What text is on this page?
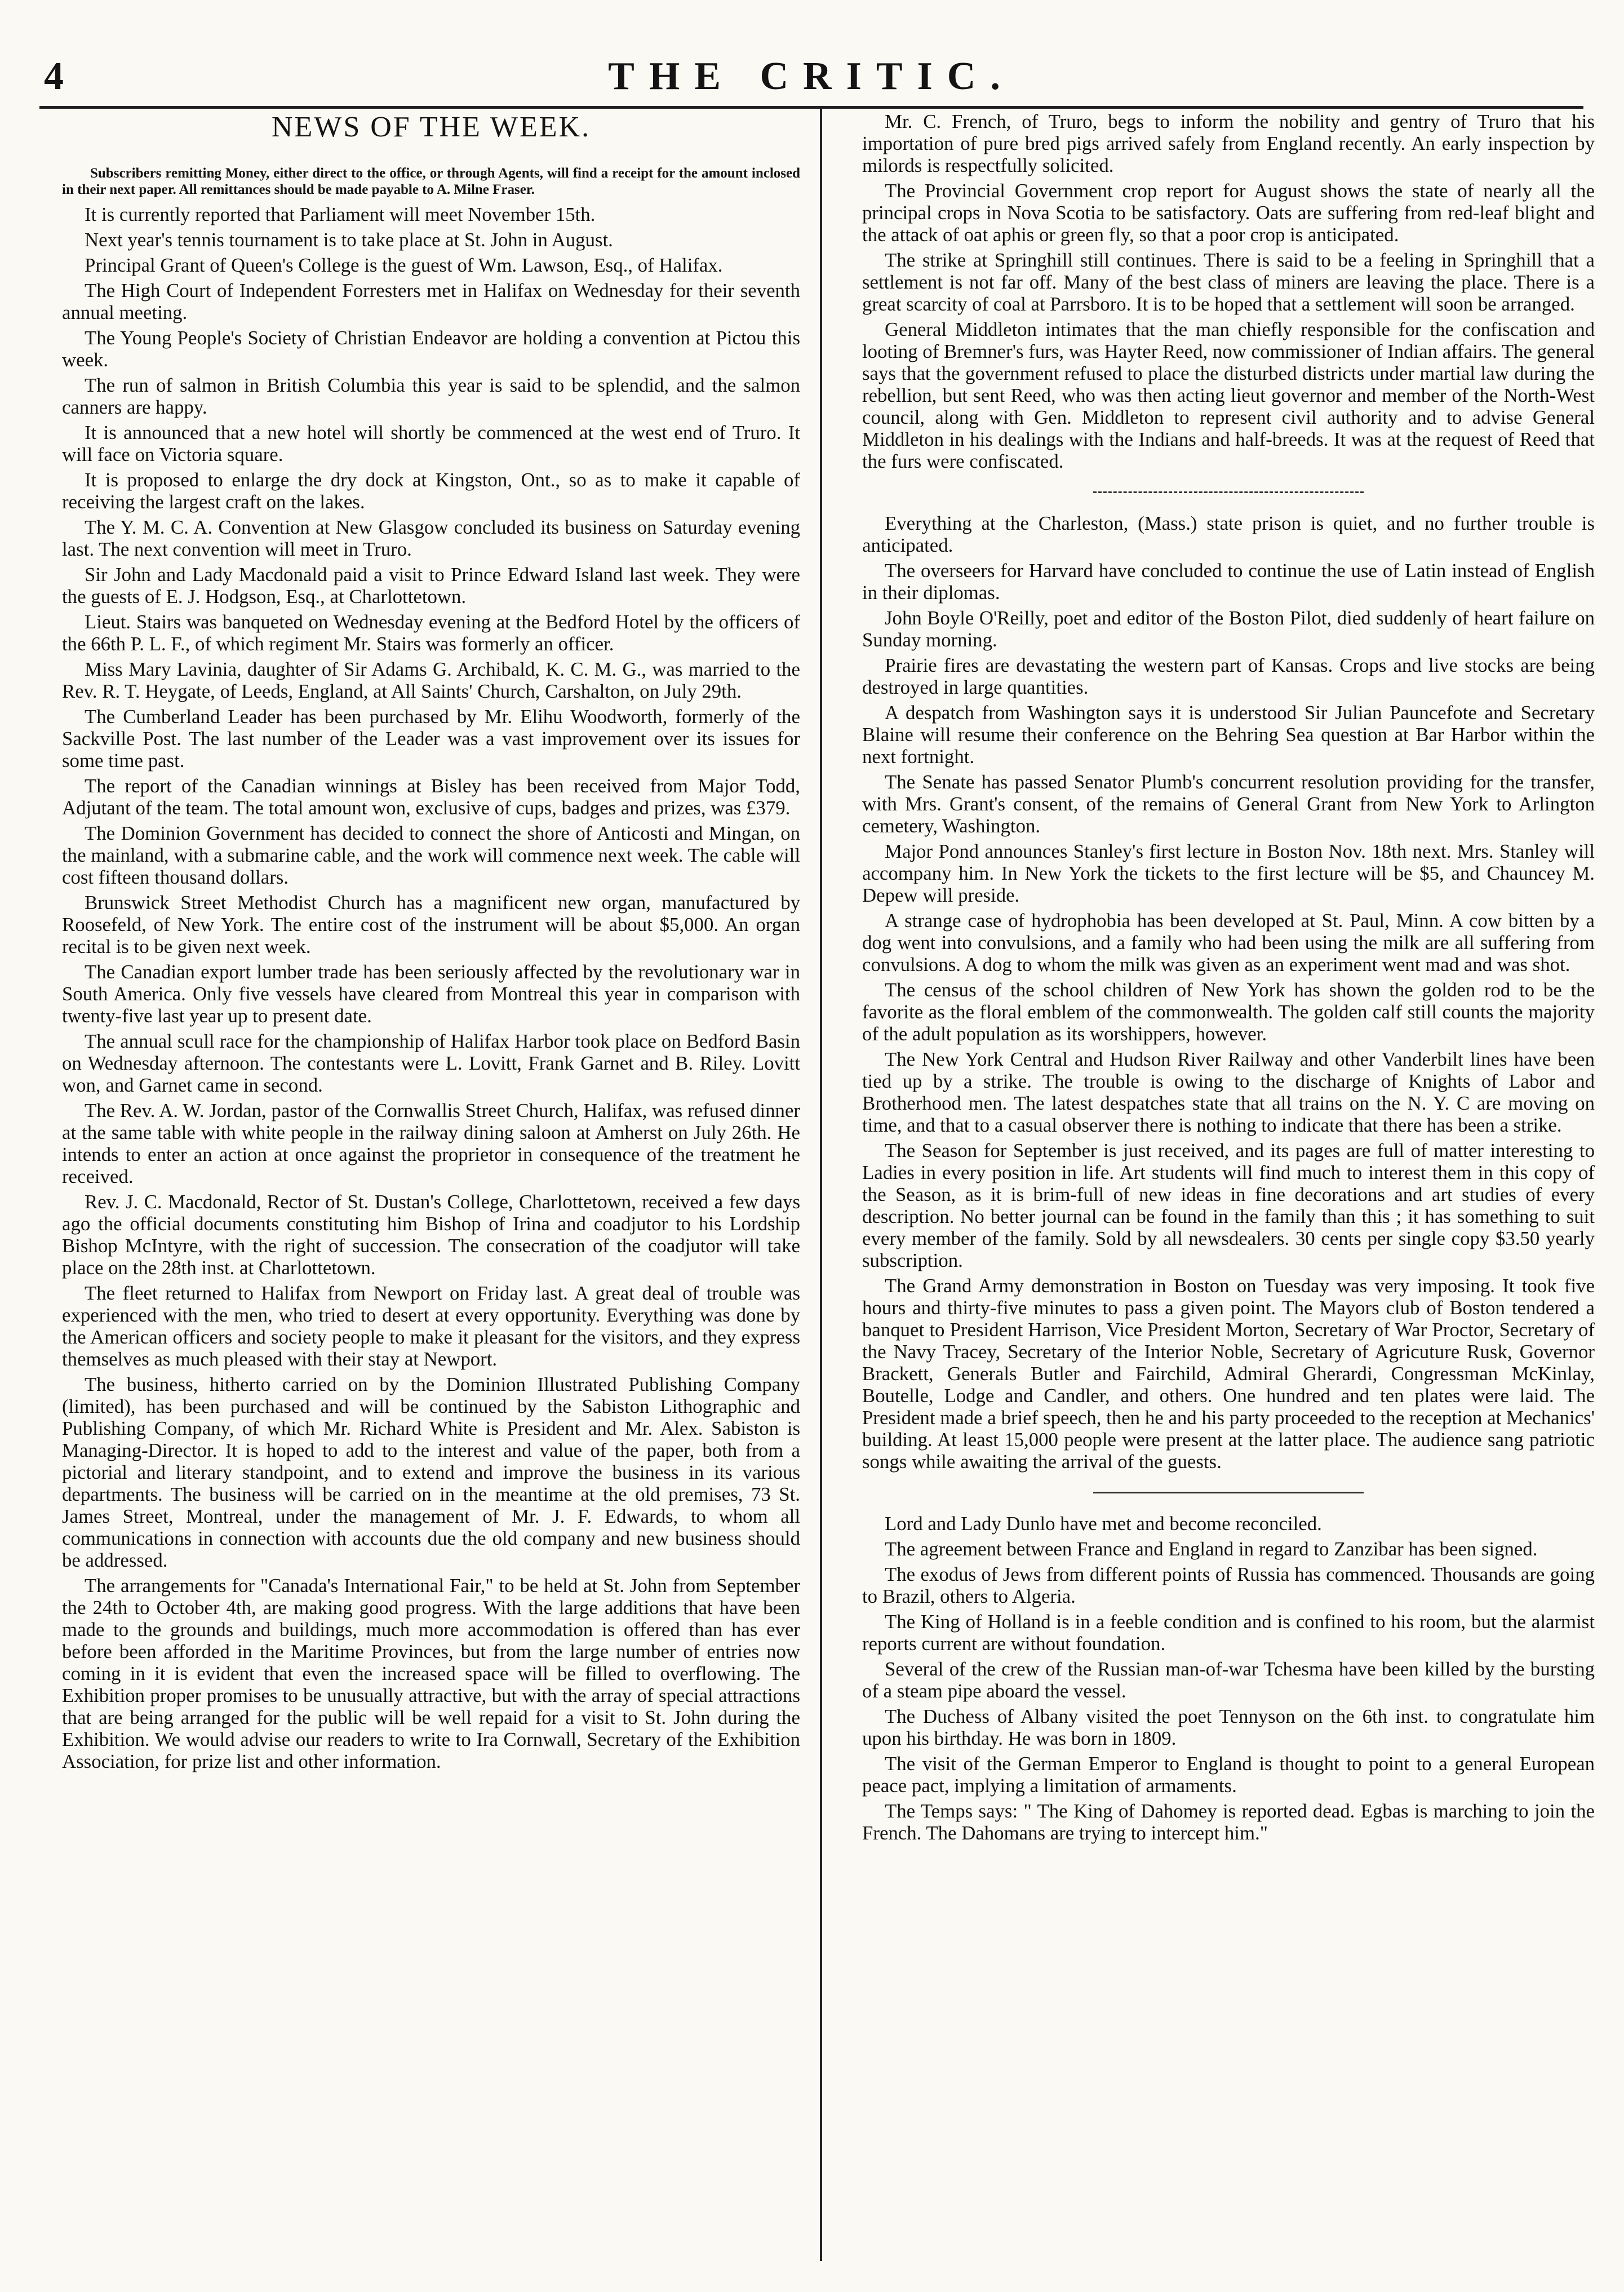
4	THE CRITIC.
NEWS OF THE WEEK.
Subscribers remitting Money, either direct to the office, or through Agents, will find a receipt for the amount inclosed in their next paper. All remittances should be made payable to A. Milne Fraser.

It is currently reported that Parliament will meet November 15th.

Next year's tennis tournament is to take place at St. John in August.

Principal Grant of Queen's College is the guest of Wm. Lawson, Esq., of Halifax.

The High Court of Independent Forresters met in Halifax on Wednesday for their seventh annual meeting.

The Young People's Society of Christian Endeavor are holding a convention at Pictou this week.

The run of salmon in British Columbia this year is said to be splendid, and the salmon canners are happy.

It is announced that a new hotel will shortly be commenced at the west end of Truro. It will face on Victoria square.

It is proposed to enlarge the dry dock at Kingston, Ont., so as to make it capable of receiving the largest craft on the lakes.

The Y. M. C. A. Convention at New Glasgow concluded its business on Saturday evening last. The next convention will meet in Truro.

Sir John and Lady Macdonald paid a visit to Prince Edward Island last week. They were the guests of E. J. Hodgson, Esq., at Charlottetown.

Lieut. Stairs was banqueted on Wednesday evening at the Bedford Hotel by the officers of the 66th P. L. F., of which regiment Mr. Stairs was formerly an officer.

Miss Mary Lavinia, daughter of Sir Adams G. Archibald, K. C. M. G., was married to the Rev. R. T. Heygate, of Leeds, England, at All Saints' Church, Carshalton, on July 29th.

The Cumberland Leader has been purchased by Mr. Elihu Woodworth, formerly of the Sackville Post. The last number of the Leader was a vast improvement over its issues for some time past.

The report of the Canadian winnings at Bisley has been received from Major Todd, Adjutant of the team. The total amount won, exclusive of cups, badges and prizes, was £379.

The Dominion Government has decided to connect the shore of Anticosti and Mingan, on the mainland, with a submarine cable, and the work will commence next week. The cable will cost fifteen thousand dollars.

Brunswick Street Methodist Church has a magnificent new organ, manufactured by Roosefeld, of New York. The entire cost of the instrument will be about $5,000. An organ recital is to be given next week.

The Canadian export lumber trade has been seriously affected by the revolutionary war in South America. Only five vessels have cleared from Montreal this year in comparison with twenty-five last year up to present date.

The annual scull race for the championship of Halifax Harbor took place on Bedford Basin on Wednesday afternoon. The contestants were L. Lovitt, Frank Garnet and B. Riley. Lovitt won, and Garnet came in second.

The Rev. A. W. Jordan, pastor of the Cornwallis Street Church, Halifax, was refused dinner at the same table with white people in the railway dining saloon at Amherst on July 26th. He intends to enter an action at once against the proprietor in consequence of the treatment he received.

Rev. J. C. Macdonald, Rector of St. Dustan's College, Charlottetown, received a few days ago the official documents constituting him Bishop of Irina and coadjutor to his Lordship Bishop McIntyre, with the right of succession. The consecration of the coadjutor will take place on the 28th inst. at Charlottetown.

The fleet returned to Halifax from Newport on Friday last. A great deal of trouble was experienced with the men, who tried to desert at every opportunity. Everything was done by the American officers and society people to make it pleasant for the visitors, and they express themselves as much pleased with their stay at Newport.

The business, hitherto carried on by the Dominion Illustrated Publishing Company (limited), has been purchased and will be continued by the Sabiston Lithographic and Publishing Company, of which Mr. Richard White is President and Mr. Alex. Sabiston is Managing-Director. It is hoped to add to the interest and value of the paper, both from a pictorial and literary standpoint, and to extend and improve the business in its various departments. The business will be carried on in the meantime at the old premises, 73 St. James Street, Montreal, under the management of Mr. J. F. Edwards, to whom all communications in connection with accounts due the old company and new business should be addressed.

The arrangements for "Canada's International Fair," to be held at St. John from September the 24th to October 4th, are making good progress. With the large additions that have been made to the grounds and buildings, much more accommodation is offered than has ever before been afforded in the Maritime Provinces, but from the large number of entries now coming in it is evident that even the increased space will be filled to overflowing. The Exhibition proper promises to be unusually attractive, but with the array of special attractions that are being arranged for the public will be well repaid for a visit to St. John during the Exhibition. We would advise our readers to write to Ira Cornwall, Secretary of the Exhibition Association, for prize list and other information.

Mr. C. French, of Truro, begs to inform the nobility and gentry of Truro that his importation of pure bred pigs arrived safely from England recently. An early inspection by milords is respectfully solicited.

The Provincial Government crop report for August shows the state of nearly all the principal crops in Nova Scotia to be satisfactory. Oats are suffering from red-leaf blight and the attack of oat aphis or green fly, so that a poor crop is anticipated.

The strike at Springhill still continues. There is said to be a feeling in Springhill that a settlement is not far off. Many of the best class of miners are leaving the place. There is a great scarcity of coal at Parrsboro. It is to be hoped that a settlement will soon be arranged.

General Middleton intimates that the man chiefly responsible for the confiscation and looting of Bremner's furs, was Hayter Reed, now commissioner of Indian affairs. The general says that the government refused to place the disturbed districts under martial law during the rebellion, but sent Reed, who was then acting lieut governor and member of the North-West council, along with Gen. Middleton to represent civil authority and to advise General Middleton in his dealings with the Indians and half-breeds. It was at the request of Reed that the furs were confiscated.

Everything at the Charleston, (Mass.) state prison is quiet, and no further trouble is anticipated.

The overseers for Harvard have concluded to continue the use of Latin instead of English in their diplomas.

John Boyle O'Reilly, poet and editor of the Boston Pilot, died suddenly of heart failure on Sunday morning.

Prairie fires are devastating the western part of Kansas. Crops and live stocks are being destroyed in large quantities.

A despatch from Washington says it is understood Sir Julian Pauncefote and Secretary Blaine will resume their conference on the Behring Sea question at Bar Harbor within the next fortnight.

The Senate has passed Senator Plumb's concurrent resolution providing for the transfer, with Mrs. Grant's consent, of the remains of General Grant from New York to Arlington cemetery, Washington.

Major Pond announces Stanley's first lecture in Boston Nov. 18th next. Mrs. Stanley will accompany him. In New York the tickets to the first lecture will be $5, and Chauncey M. Depew will preside.

A strange case of hydrophobia has been developed at St. Paul, Minn. A cow bitten by a dog went into convulsions, and a family who had been using the milk are all suffering from convulsions. A dog to whom the milk was given as an experiment went mad and was shot.

The census of the school children of New York has shown the golden rod to be the favorite as the floral emblem of the commonwealth. The golden calf still counts the majority of the adult population as its worshippers, however.

The New York Central and Hudson River Railway and other Vanderbilt lines have been tied up by a strike. The trouble is owing to the discharge of Knights of Labor and Brotherhood men. The latest despatches state that all trains on the N. Y. C are moving on time, and that to a casual observer there is nothing to indicate that there has been a strike.

The Season for September is just received, and its pages are full of matter interesting to Ladies in every position in life. Art students will find much to interest them in this copy of the Season, as it is brim-full of new ideas in fine decorations and art studies of every description. No better journal can be found in the family than this ; it has something to suit every member of the family. Sold by all newsdealers. 30 cents per single copy $3.50 yearly subscription.

The Grand Army demonstration in Boston on Tuesday was very imposing. It took five hours and thirty-five minutes to pass a given point. The Mayors club of Boston tendered a banquet to President Harrison, Vice President Morton, Secretary of War Proctor, Secretary of the Navy Tracey, Secretary of the Interior Noble, Secretary of Agricuture Rusk, Governor Brackett, Generals Butler and Fairchild, Admiral Gherardi, Congressman McKinlay, Boutelle, Lodge and Candler, and others. One hundred and ten plates were laid. The President made a brief speech, then he and his party proceeded to the reception at Mechanics' building. At least 15,000 people were present at the latter place. The audience sang patriotic songs while awaiting the arrival of the guests.

Lord and Lady Dunlo have met and become reconciled.

The agreement between France and England in regard to Zanzibar has been signed.

The exodus of Jews from different points of Russia has commenced. Thousands are going to Brazil, others to Algeria.

The King of Holland is in a feeble condition and is confined to his room, but the alarmist reports current are without foundation.

Several of the crew of the Russian man-of-war Tchesma have been killed by the bursting of a steam pipe aboard the vessel.

The Duchess of Albany visited the poet Tennyson on the 6th inst. to congratulate him upon his birthday. He was born in 1809.

The visit of the German Emperor to England is thought to point to a general European peace pact, implying a limitation of armaments.

The Temps says: " The King of Dahomey is reported dead. Egbas is marching to join the French. The Dahomans are trying to intercept him."
